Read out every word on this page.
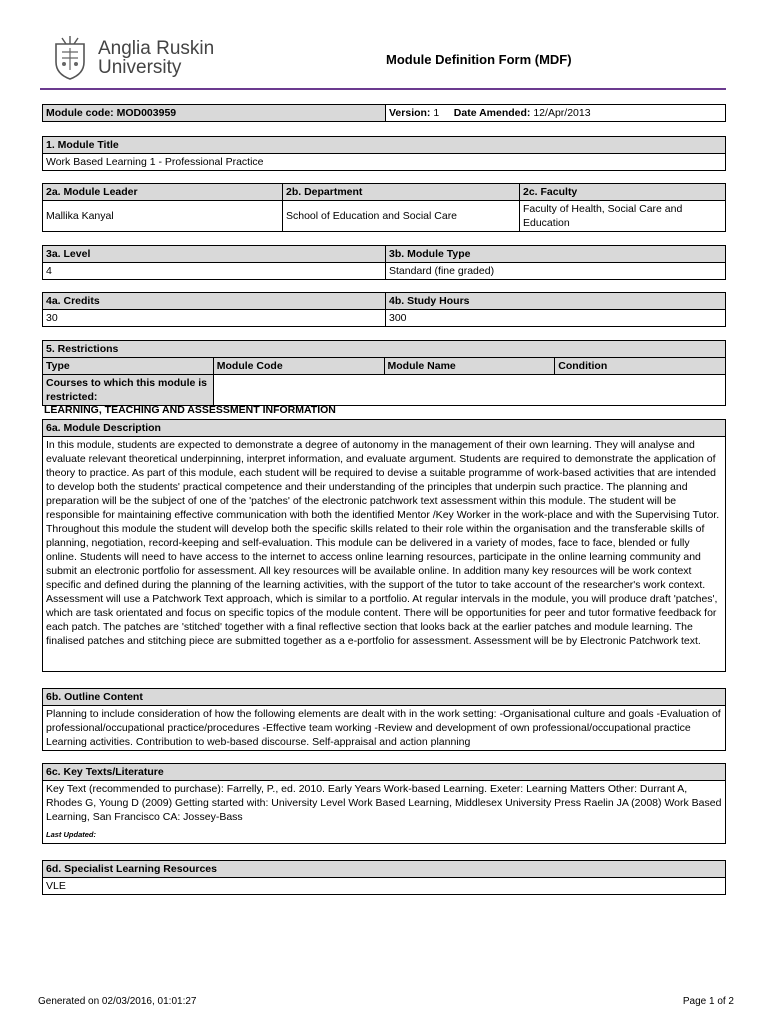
Anglia Ruskin
University	Module Definition Form (MDF)
Module code: MOD003959	Version: 1 Date Amended: 12/Apr/2013
1. Module Title
Work Based Learning 1 - Professional Practice
2a. Module Leader	2b. Department	2c. Faculty
Mallika Kanyal	School of Education and Social Care	Faculty of Health, Social Care and Education
3a. Level	3b. Module Type
4	Standard (fine graded)
4a. Credits	4b. Study Hours
30	300
5. Restrictions			
Type	Module Code	Module Name	Condition
Courses to which this module is restricted:			
LEARNING, TEACHING AND ASSESSMENT INFORMATION
6a. Module Description
In this module, students are expected to demonstrate a degree of autonomy in the management of their own learning. They will analyse and evaluate relevant theoretical underpinning, interpret information, and evaluate argument. Students are required to demonstrate the application of theory to practice. As part of this module, each student will be required to devise a suitable programme of work-based activities that are intended to develop both the students' practical competence and their understanding of the principles that underpin such practice. The planning and preparation will be the subject of one of the 'patches' of the electronic patchwork text assessment within this module. The student will be responsible for maintaining effective communication with both the identified Mentor /Key Worker in the work-place and with the Supervising Tutor. Throughout this module the student will develop both the specific skills related to their role within the organisation and the transferable skills of planning, negotiation, record-keeping and self-evaluation. This module can be delivered in a variety of modes, face to face, blended or fully online. Students will need to have access to the internet to access online learning resources, participate in the online learning community and submit an electronic portfolio for assessment. All key resources will be available online. In addition many key resources will be work context specific and defined during the planning of the learning activities, with the support of the tutor to take account of the researcher's work context. Assessment will use a Patchwork Text approach, which is similar to a portfolio. At regular intervals in the module, you will produce draft 'patches', which are task orientated and focus on specific topics of the module content. There will be opportunities for peer and tutor formative feedback for each patch. The patches are 'stitched' together with a final reflective section that looks back at the earlier patches and module learning. The finalised patches and stitching piece are submitted together as a e-portfolio for assessment. Assessment will be by Electronic Patchwork text.
6b. Outline Content
Planning to include consideration of how the following elements are dealt with in the work setting: -Organisational culture and goals -Evaluation of professional/occupational practice/procedures -Effective team working -Review and development of own professional/occupational practice Learning activities. Contribution to web-based discourse. Self-appraisal and action planning
6c. Key Texts/Literature

Key Text (recommended to purchase): Farrelly, P., ed. 2010. Early Years Work-based Learning. Exeter: Learning Matters Other: Durrant A, Rhodes G, Young D (2009) Getting started with: University Level Work Based Learning, Middlesex University Press Raelin JA (2008) Work Based Learning, San Francisco CA: Jossey-Bass
Last Updated:
6d. Specialist Learning Resources
VLE
Generated on 02/03/2016, 01:01:27	Page 1 of 2
